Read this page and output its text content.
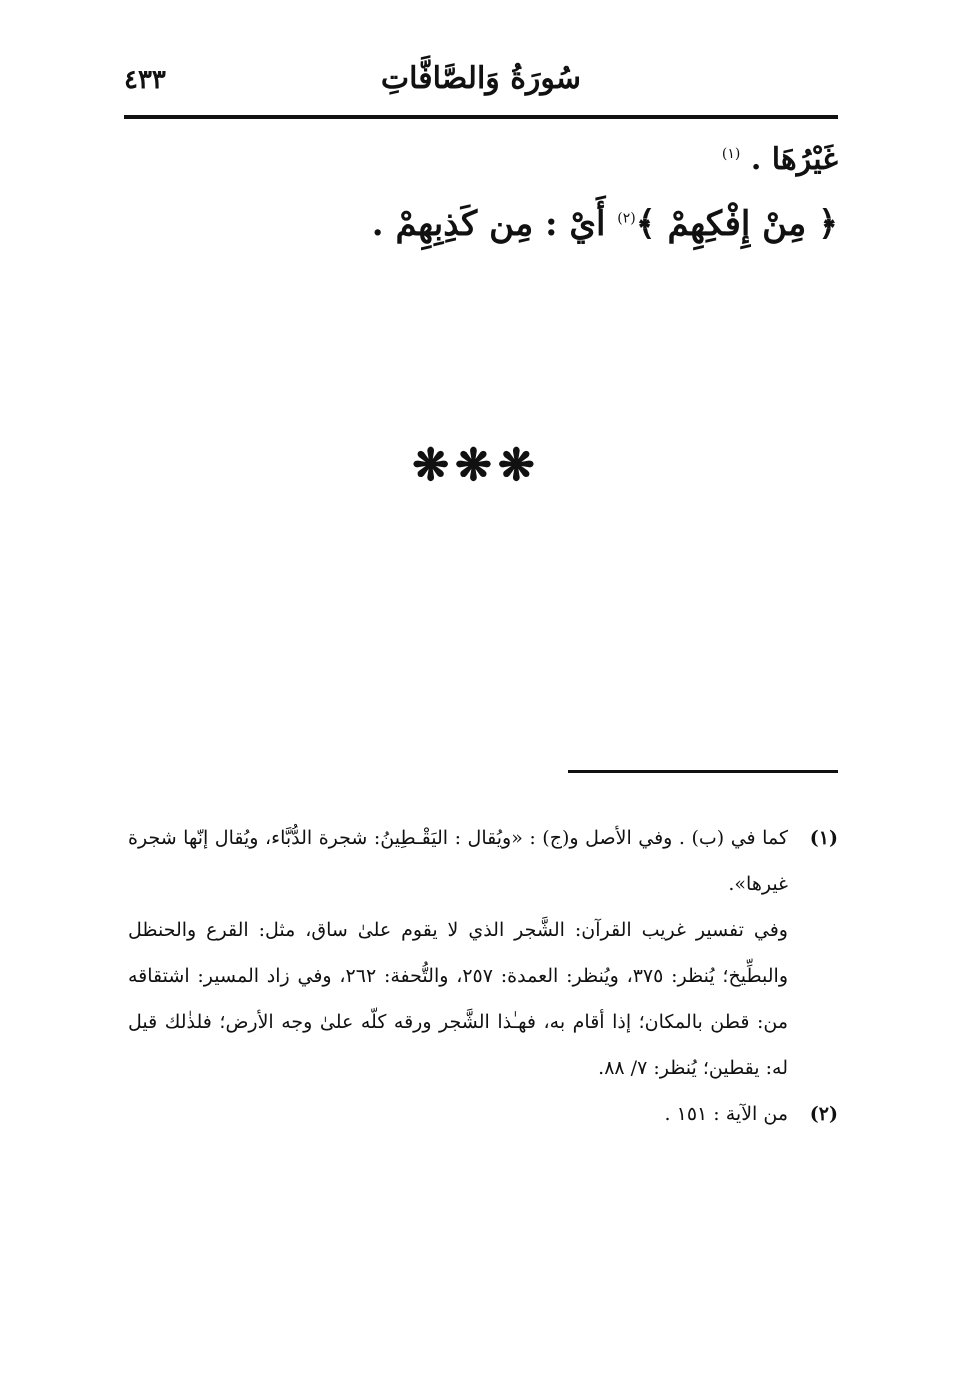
٤٣٣	سُورَةُ وَالصَّافَّاتِ
غَيْرُهَا . $^{(١)}$
﴿ مِنْ إِفْكِهِمْ ﴾$^{(٢)}$ أَيْ : مِن كَذِبِهِمْ .
❋❋❋
(١)
كما في (ب) . وفي الأصل و(ج) : «ويُقال : اليَقْـطِينُ: شجرة الدُّبَّاء، ويُقال إنّها شجرة غيرها».

وفي تفسير غريب القرآن: الشَّجر الذي لا يقوم علىٰ ساق، مثل: القرع والحنظل والبطِّيخ؛ يُنظر: ٣٧٥، ويُنظر: العمدة: ٢٥٧، والتُّحفة: ٢٦٢، وفي زاد المسير: اشتقاقه من: قطن بالمكان؛ إذا أقام به، فهـٰذا الشَّجر ورقه كلّه علىٰ وجه الأرض؛ فلذٰلك قيل له: يقطين؛ يُنظر: ٧/ ٨٨.

(٢)
من الآية : ١٥١ .
